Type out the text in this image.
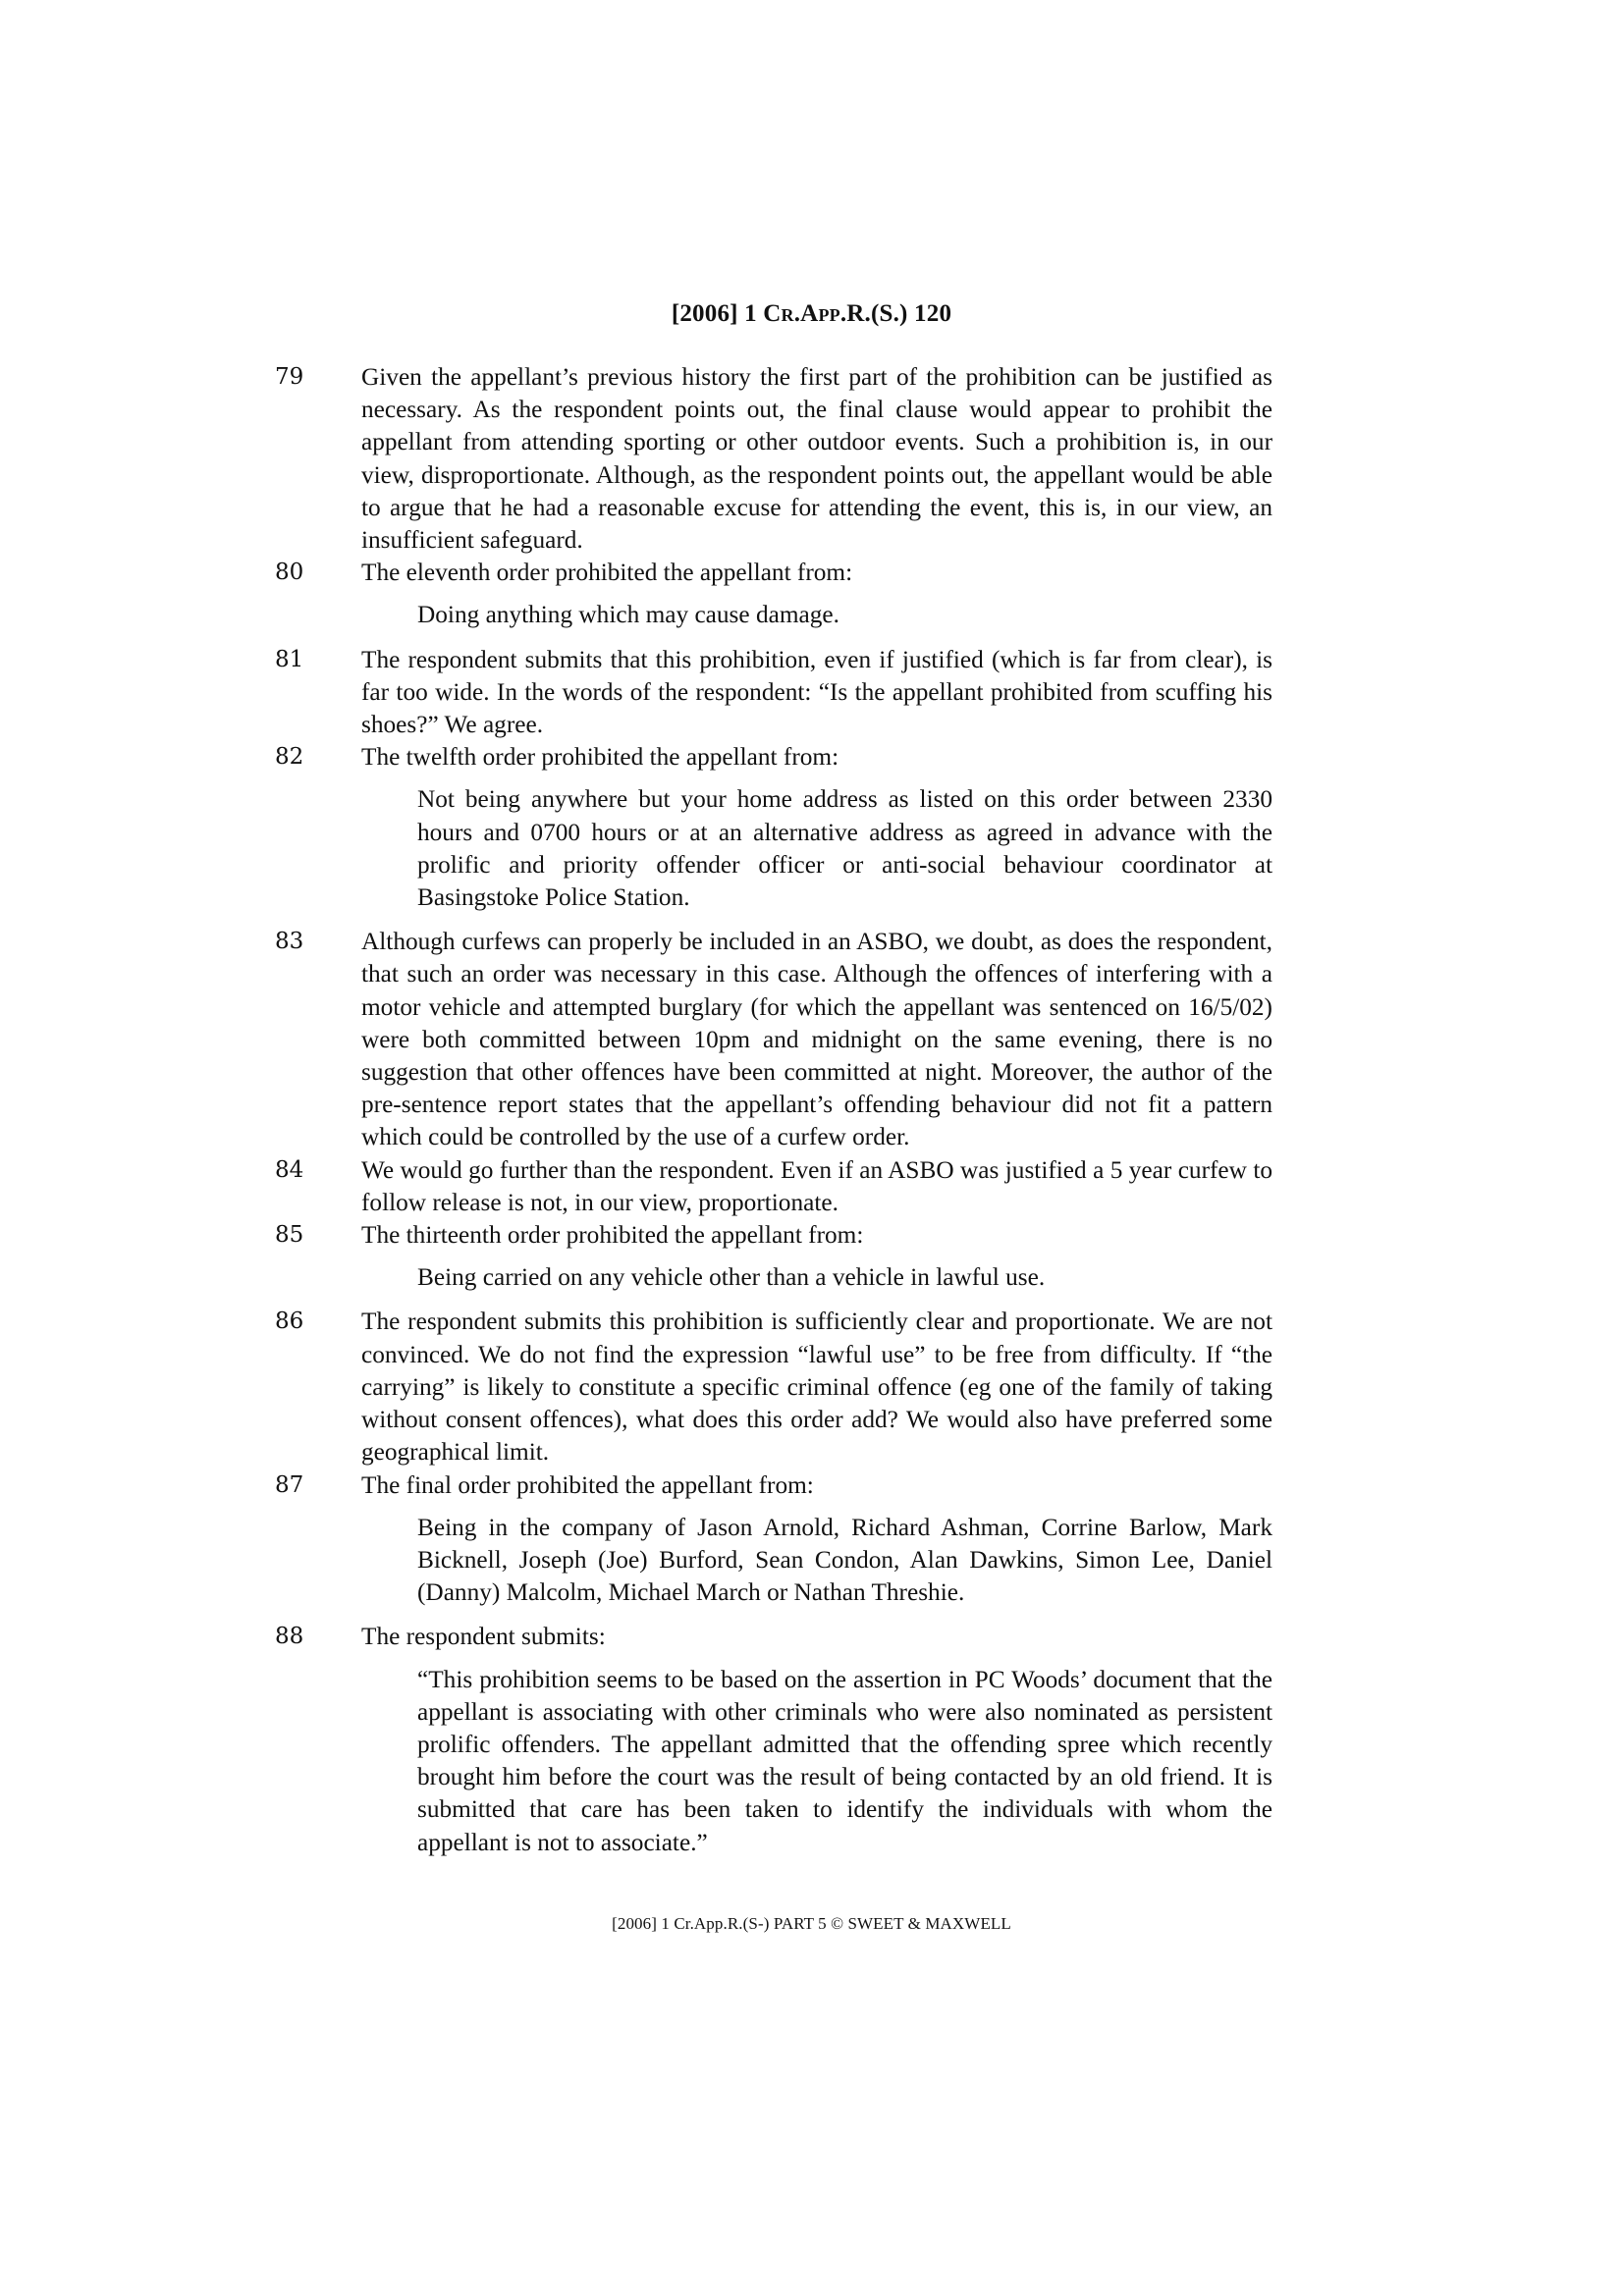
[2006] 1 Cr.App.R.(S.) 120
79 Given the appellant’s previous history the first part of the prohibition can be justified as necessary. As the respondent points out, the final clause would appear to prohibit the appellant from attending sporting or other outdoor events. Such a prohibition is, in our view, disproportionate. Although, as the respondent points out, the appellant would be able to argue that he had a reasonable excuse for attending the event, this is, in our view, an insufficient safeguard.
80 The eleventh order prohibited the appellant from:
Doing anything which may cause damage.
81 The respondent submits that this prohibition, even if justified (which is far from clear), is far too wide. In the words of the respondent: “Is the appellant prohibited from scuffing his shoes?” We agree.
82 The twelfth order prohibited the appellant from:
Not being anywhere but your home address as listed on this order between 2330 hours and 0700 hours or at an alternative address as agreed in advance with the prolific and priority offender officer or anti-social behaviour coordinator at Basingstoke Police Station.
83 Although curfews can properly be included in an ASBO, we doubt, as does the respondent, that such an order was necessary in this case. Although the offences of interfering with a motor vehicle and attempted burglary (for which the appellant was sentenced on 16/5/02) were both committed between 10pm and midnight on the same evening, there is no suggestion that other offences have been committed at night. Moreover, the author of the pre-sentence report states that the appellant’s offending behaviour did not fit a pattern which could be controlled by the use of a curfew order.
84 We would go further than the respondent. Even if an ASBO was justified a 5 year curfew to follow release is not, in our view, proportionate.
85 The thirteenth order prohibited the appellant from:
Being carried on any vehicle other than a vehicle in lawful use.
86 The respondent submits this prohibition is sufficiently clear and proportionate. We are not convinced. We do not find the expression “lawful use” to be free from difficulty. If “the carrying” is likely to constitute a specific criminal offence (eg one of the family of taking without consent offences), what does this order add? We would also have preferred some geographical limit.
87 The final order prohibited the appellant from:
Being in the company of Jason Arnold, Richard Ashman, Corrine Barlow, Mark Bicknell, Joseph (Joe) Burford, Sean Condon, Alan Dawkins, Simon Lee, Daniel (Danny) Malcolm, Michael March or Nathan Threshie.
88 The respondent submits:
“This prohibition seems to be based on the assertion in PC Woods’ document that the appellant is associating with other criminals who were also nominated as persistent prolific offenders. The appellant admitted that the offending spree which recently brought him before the court was the result of being contacted by an old friend. It is submitted that care has been taken to identify the individuals with whom the appellant is not to associate.”
[2006] 1 Cr.App.R.(S-) PART 5 © SWEET & MAXWELL
